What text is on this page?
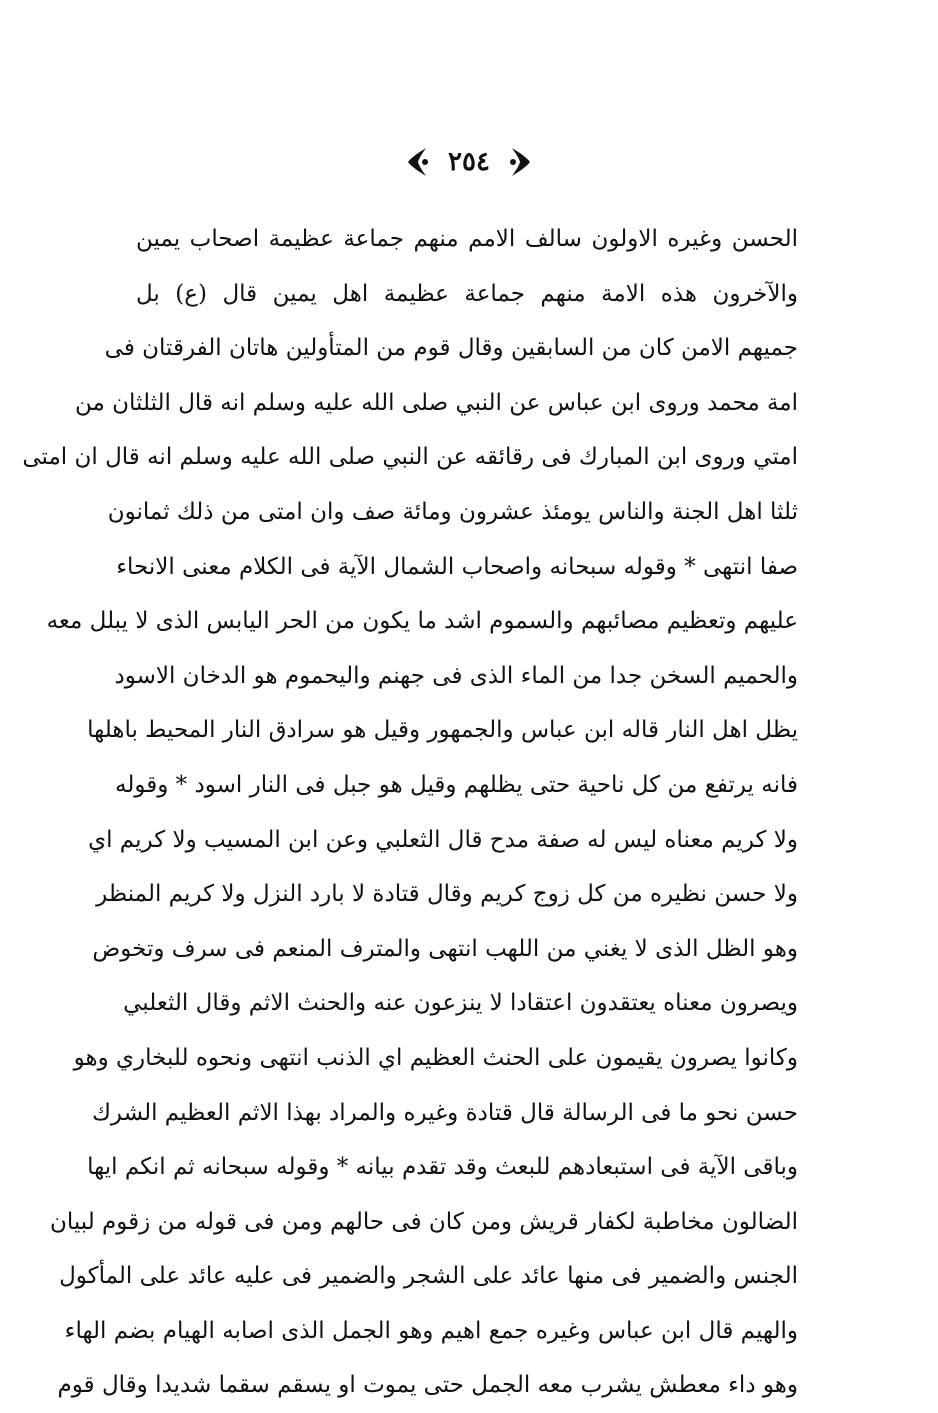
٢٥٤
الحسن وغيره الاولون سالف الامم منهم جماعة عظيمة اصحاب يمين
والآخرون هذه الامة منهم جماعة عظيمة اهل يمين قال (ع) بل
جميهم الامن كان من السابقين وقال قوم من المتأولين هاتان الفرقتان فى
امة محمد وروى ابن عباس عن النبي صلى الله عليه وسلم انه قال الثلثان من
امتي وروى ابن المبارك فى رقائقه عن النبي صلى الله عليه وسلم انه قال ان امتى
ثلثا اهل الجنة والناس يومئذ عشرون ومائة صف وان امتى من ذلك ثمانون
صفا انتهى * وقوله سبحانه واصحاب الشمال الآية فى الكلام معنى الانحاء
عليهم وتعظيم مصائبهم والسموم اشد ما يكون من الحر اليابس الذى لا يبلل معه
والحميم السخن جدا من الماء الذى فى جهنم واليحموم هو الدخان الاسود
يظل اهل النار قاله ابن عباس والجمهور وقيل هو سرادق النار المحيط باهلها
فانه يرتفع من كل ناحية حتى يظلهم وقيل هو جبل فى النار اسود * وقوله
ولا كريم معناه ليس له صفة مدح قال الثعلبي وعن ابن المسيب ولا كريم اي
ولا حسن نظيره من كل زوج كريم وقال قتادة لا بارد النزل ولا كريم المنظر
وهو الظل الذى لا يغني من اللهب انتهى والمترف المنعم فى سرف وتخوض
ويصرون معناه يعتقدون اعتقادا لا ينزعون عنه والحنث الاثم وقال الثعلبي
وكانوا يصرون يقيمون على الحنث العظيم اي الذنب انتهى ونحوه للبخاري وهو
حسن نحو ما فى الرسالة قال قتادة وغيره والمراد بهذا الاثم العظيم الشرك
وباقى الآية فى استبعادهم للبعث وقد تقدم بيانه * وقوله سبحانه ثم انكم ايها
الضالون مخاطبة لكفار قريش ومن كان فى حالهم ومن فى قوله من زقوم لبيان
الجنس والضمير فى منها عائد على الشجر والضمير فى عليه عائد على المأكول
والهيم قال ابن عباس وغيره جمع اهيم وهو الجمل الذى اصابه الهيام بضم الهاء
وهو داء معطش يشرب معه الجمل حتى يموت او يسقم سقما شديدا وقال قوم
